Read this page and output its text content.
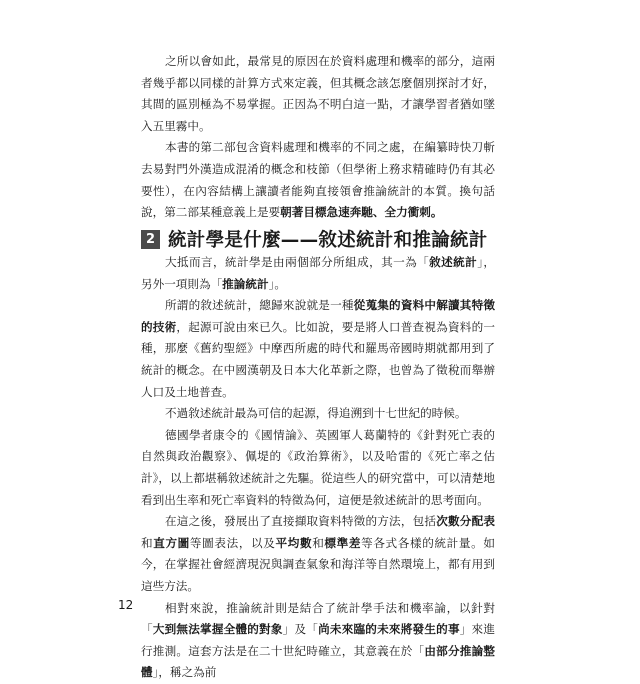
之所以會如此，最常見的原因在於資料處理和機率的部分，這兩者幾乎都以同樣的計算方式來定義，但其概念該怎麼個別探討才好，其間的區別極為不易掌握。正因為不明白這一點，才讓學習者猶如墜入五里霧中。

本書的第二部包含資料處理和機率的不同之處，在編纂時快刀斬去易對門外漢造成混淆的概念和枝節（但學術上務求精確時仍有其必要性），在內容結構上讓讀者能夠直接領會推論統計的本質。換句話說，第二部某種意義上是要朝著目標急速奔馳、全力衝刺。

2 統計學是什麼——敘述統計和推論統計

大抵而言，統計學是由兩個部分所組成，其一為「敘述統計」，另外一項則為「推論統計」。

所謂的敘述統計，總歸來說就是一種從蒐集的資料中解讀其特徵的技術，起源可說由來已久。比如說，要是將人口普查視為資料的一種，那麼《舊約聖經》中摩西所處的時代和羅馬帝國時期就都用到了統計的概念。在中國漢朝及日本大化革新之際，也曾為了徵稅而舉辦人口及土地普查。

不過敘述統計最為可信的起源，得追溯到十七世紀的時候。

德國學者康令的《國情論》、英國軍人葛蘭特的《針對死亡表的自然與政治觀察》、佩堤的《政治算術》，以及哈雷的《死亡率之估計》，以上都堪稱敘述統計之先驅。從這些人的研究當中，可以清楚地看到出生率和死亡率資料的特徵為何，這便是敘述統計的思考面向。

在這之後，發展出了直接擷取資料特徵的方法，包括次數分配表和直方圖等圖表法，以及平均數和標準差等各式各樣的統計量。如今，在掌握社會經濟現況與調查氣象和海洋等自然環境上，都有用到這些方法。

相對來說，推論統計則是結合了統計學手法和機率論，以針對「大到無法掌握全體的對象」及「尚未來臨的未來將發生的事」來進行推測。這套方法是在二十世紀時確立，其意義在於「由部分推論整體」，稱之為前

12
